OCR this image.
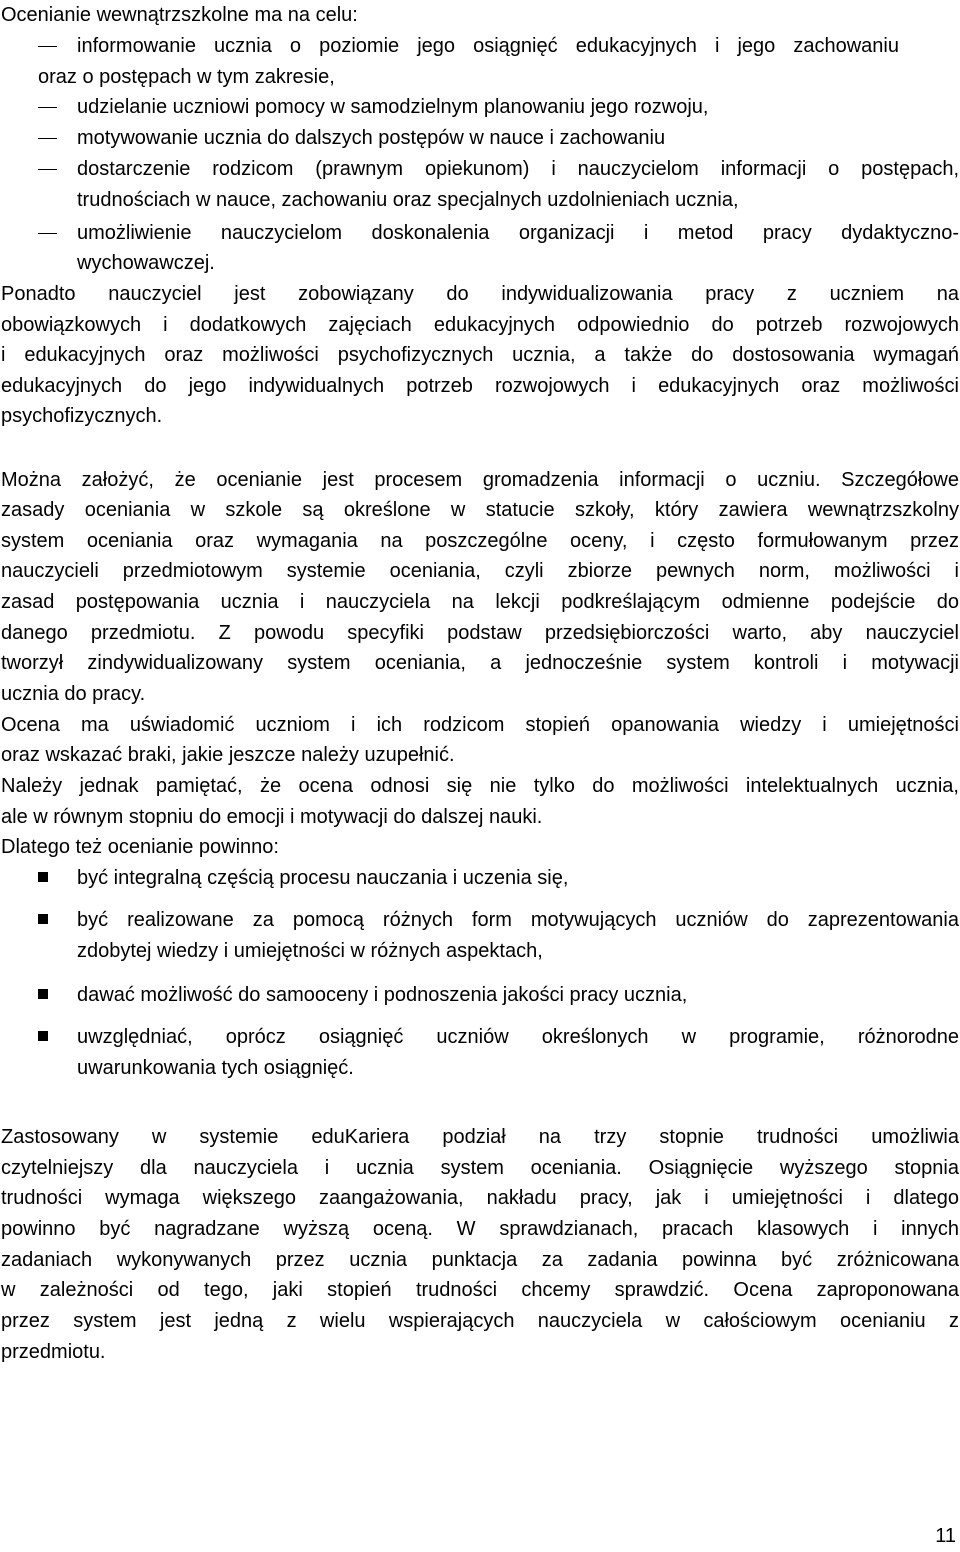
Ocenianie wewnątrzszkolne ma na celu:
informowanie ucznia o poziomie jego osiągnięć edukacyjnych i jego zachowaniu
oraz o postępach w tym zakresie,
udzielanie uczniowi pomocy w samodzielnym planowaniu jego rozwoju,
motywowanie ucznia do dalszych postępów w nauce i zachowaniu
dostarczenie rodzicom (prawnym opiekunom) i nauczycielom informacji o postępach,
trudnościach w nauce, zachowaniu oraz specjalnych uzdolnieniach ucznia,
umożliwienie nauczycielom doskonalenia organizacji i metod pracy dydaktyczno-
wychowawczej.
Ponadto nauczyciel jest zobowiązany do indywidualizowania pracy z uczniem na
obowiązkowych i dodatkowych zajęciach edukacyjnych odpowiednio do potrzeb rozwojowych
i edukacyjnych oraz możliwości psychofizycznych ucznia, a także do dostosowania wymagań
edukacyjnych do jego indywidualnych potrzeb rozwojowych i edukacyjnych oraz możliwości
psychofizycznych.
Można założyć, że ocenianie jest procesem gromadzenia informacji o uczniu. Szczegółowe
zasady oceniania w szkole są określone w statucie szkoły, który zawiera wewnątrzszkolny
system oceniania oraz wymagania na poszczególne oceny, i często formułowanym przez
nauczycieli przedmiotowym systemie oceniania, czyli zbiorze pewnych norm, możliwości i
zasad postępowania ucznia i nauczyciela na lekcji podkreślającym odmienne podejście do
danego przedmiotu. Z powodu specyfiki podstaw przedsiębiorczości warto, aby nauczyciel
tworzył zindywidualizowany system oceniania, a jednocześnie system kontroli i motywacji
ucznia do pracy.
Ocena ma uświadomić uczniom i ich rodzicom stopień opanowania wiedzy i umiejętności
oraz wskazać braki, jakie jeszcze należy uzupełnić.
Należy jednak pamiętać, że ocena odnosi się nie tylko do możliwości intelektualnych ucznia,
ale w równym stopniu do emocji i motywacji do dalszej nauki.
Dlatego też ocenianie powinno:
być integralną częścią procesu nauczania i uczenia się,
być realizowane za pomocą różnych form motywujących uczniów do zaprezentowania
zdobytej wiedzy i umiejętności w różnych aspektach,
dawać możliwość do samooceny i podnoszenia jakości pracy ucznia,
uwzględniać, oprócz osiągnięć uczniów określonych w programie, różnorodne
uwarunkowania tych osiągnięć.
Zastosowany w systemie eduKariera podział na trzy stopnie trudności umożliwia
czytelniejszy dla nauczyciela i ucznia system oceniania. Osiągnięcie wyższego stopnia
trudności wymaga większego zaangażowania, nakładu pracy, jak i umiejętności i dlatego
powinno być nagradzane wyższą oceną. W sprawdzianach, pracach klasowych i innych
zadaniach wykonywanych przez ucznia punktacja za zadania powinna być zróżnicowana
w zależności od tego, jaki stopień trudności chcemy sprawdzić. Ocena zaproponowana
przez system jest jedną z wielu wspierających nauczyciela w całościowym ocenianiu z
przedmiotu.
11
